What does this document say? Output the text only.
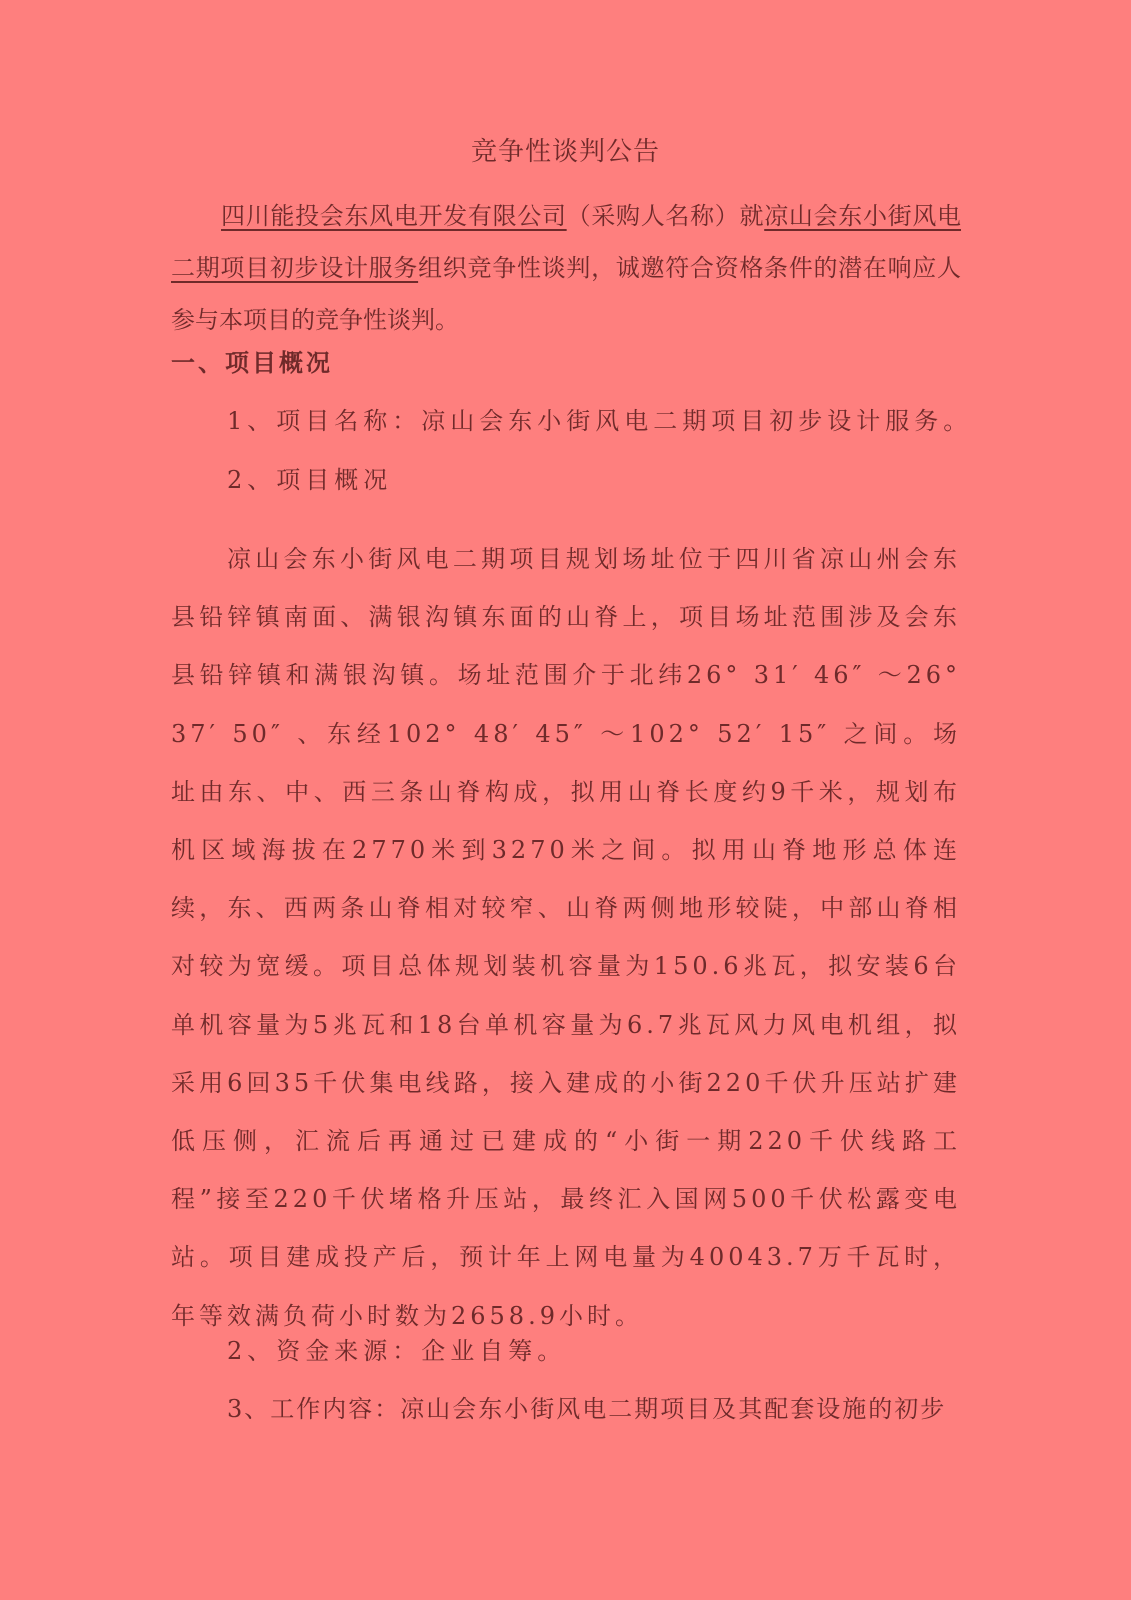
竞争性谈判公告
四川能投会东风电开发有限公司（采购人名称）就凉山会东小街风电二期项目初步设计服务组织竞争性谈判，诚邀符合资格条件的潜在响应人参与本项目的竞争性谈判。
一、项目概况
1、项目名称：凉山会东小街风电二期项目初步设计服务。
2、项目概况
凉山会东小街风电二期项目规划场址位于四川省凉山州会东县铅锌镇南面、满银沟镇东面的山脊上，项目场址范围涉及会东县铅锌镇和满银沟镇。场址范围介于北纬26° 31′ 46″ ～26° 37′ 50″ 、东经102° 48′ 45″ ～102° 52′ 15″ 之间。场址由东、中、西三条山脊构成，拟用山脊长度约9千米，规划布机区域海拔在2770米到3270米之间。拟用山脊地形总体连续，东、西两条山脊相对较窄、山脊两侧地形较陡，中部山脊相对较为宽缓。项目总体规划装机容量为150.6兆瓦，拟安装6台单机容量为5兆瓦和18台单机容量为6.7兆瓦风力风电机组，拟采用6回35千伏集电线路，接入建成的小街220千伏升压站扩建低压侧，汇流后再通过已建成的“小街一期220千伏线路工程”接至220千伏堵格升压站，最终汇入国网500千伏松露变电站。项目建成投产后，预计年上网电量为40043.7万千瓦时，年等效满负荷小时数为2658.9小时。
2、资金来源：企业自筹。
3、工作内容：凉山会东小街风电二期项目及其配套设施的初步
